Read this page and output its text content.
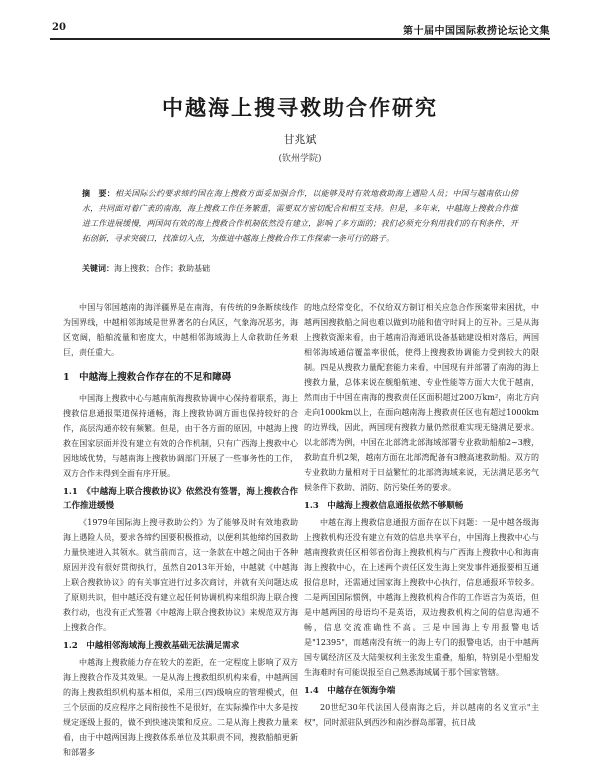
20	第十届中国国际救捞论坛论文集
中越海上搜寻救助合作研究
甘兆斌
(钦州学院)
摘　要：相关国际公约要求缔约国在海上搜救方面妥加强合作，以能够及时有效地救助海上遇险人员；中国与越南依山傍水，共同面对着广袤的南海，海上搜救工作任务繁重，需要双方密切配合和相互支持。但是，多年来，中越海上搜救合作推进工作进展缓慢，两国间有效的海上搜救合作机制依然没有建立，影响了多方面的；我们必须充分利用我们的有利条件，开拓创新，寻求突破口，找准切入点，为推进中越海上搜救合作工作探索一条可行的路子。
关键词：海上搜救；合作；救助基础

中国与邻国越南的海洋疆界是在南海，有传统的9条断续线作为国界线，中越相邻海域是世界著名的台风区，气象海况恶劣，海区宽阔，船舶流量和密度大，中越相邻海域海上人命救助任务艰巨，责任重大。

1　中越海上搜救合作存在的不足和障碍

中国海上搜救中心与越南航海搜救协调中心保持着联系，海上搜救信息通报渠道保持通畅，海上搜救协调方面也保持较好的合作，高层沟通亦较有频繁。但是，由于各方面的原因，中越海上搜救在国家层面并没有建立有效的合作机制，只有广西海上搜救中心因地域优势，与越南海上搜救协调部门开展了一些事务性的工作，双方合作未得到全面有序开展。

1.1　《中越海上联合搜救协议》依然没有签署，海上搜救合作工作推进缓慢

《1979年国际海上搜寻救助公约》为了能够及时有效地救助海上遇险人员，要求各缔约国要积极推动，以便利其他缔约国救助力量快速进入其领水。就当前而言，这一条款在中越之间由于各种原因并没有很好贯彻执行，虽然自2013年开始，中越就《中越海上联合搜救协议》的有关事宜进行过多次商讨，并就有关问题达成了原则共识，但中越还没有建立起任何协调机构来组织海上联合搜救行动，也没有正式签署《中越海上联合搜救协议》来规范双方海上搜救合作。

1.2　中越相邻海域海上搜救基础无法满足需求

中越海上搜救能力存在较大的差距，在一定程度上影响了双方海上搜救合作及其效果。一是从海上搜救组织机构来看，中越两国的海上搜救组织机构基本相似，采用三(四)级响应的管理模式，但三个层面的反应程序之间衔接性不是很好，在实际操作中大多是按规定逐级上报的，做不到快速决策和反应。二是从海上搜救力量来看，由于中越两国海上搜救体系单位及其职责不同，搜救船舶更新和部署多

的地点经常变化，不仅给双方制订相关应急合作预案带来困扰，中越两国搜救船之间也难以做到功能和值守时间上的互补。三是从海上搜救资源来看，由于越南沿海通讯设备基础建设相对落后，两国相邻海域通信覆盖率很低，使得上搜搜救协调能力受到较大的限制。四是从搜救力量配套能力来看，中国现有并部署了南海的海上搜救力量，总体来说在舰船航速、专业性能等方面大大优于越南，然而由于中国在南海的搜救责任区面积超过200万km²，南北方向走向1000km以上，在面向越南海上搜救责任区也有超过1000km的边界线，因此，两国现有搜救力量仍然很难实现无缝满足要求。以北部湾为例，中国在北部湾北部海域部署专业救助船舶2~3艘，救助直升机2架，越南方面在北部湾配备有3艘高速救助船。双方的专业救助力量相对于日益繁忙的北部湾海域来说，无法满足恶劣气候条件下救助、消防、防污染任务的要求。

1.3　中越海上搜救信息通报依然不够顺畅

中越在海上搜救信息通报方面存在以下问题：一是中越各级海上搜救机构还没有建立有效的信息共享平台，中国海上搜救中心与越南搜救责任区相邻省份海上搜救机构与广西海上搜救中心和海南海上搜救中心，在上述两个责任区发生海上突发事件通报要相互通报信息时，还需通过国家海上搜救中心执行，信息通报环节较多。二是两国国际惯例，中越海上搜救机构合作的工作语言为英语，但是中越两国的母语均不是英语，双边搜救机构之间的信息沟通不畅，信息交流准确性不高。三是中国海上专用报警电话是"12395"，而越南没有统一的海上专门的报警电话，由于中越两国专属经济区及大陆架权利主张发生重叠，船舶，特别是小型船发生海难时有可能误报至自己熟悉海域属于那个国家管辖。

1.4　中越存在领海争端

20世纪30年代法国人侵南海之后，并以越南的名义宣示"主权"，同时派驻队到西沙和南沙群岛部署，抗日战
